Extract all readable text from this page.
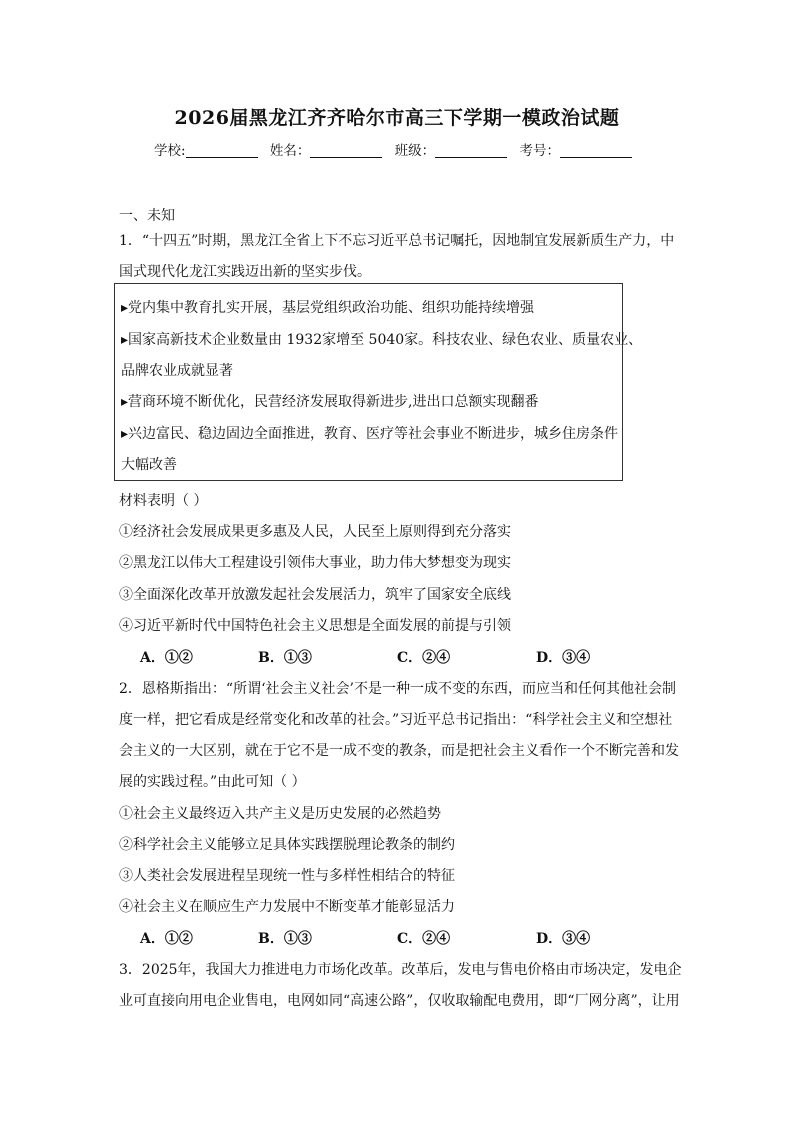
2026届黑龙江齐齐哈尔市高三下学期一模政治试题
学校:	姓名：	班级：	考号：
一、未知
1．“十四五”时期，黑龙江全省上下不忘习近平总书记嘱托，因地制宜发展新质生产力，中
国式现代化龙江实践迈出新的坚实步伐。
▸党内集中教育扎实开展，基层党组织政治功能、组织功能持续增强
▸国家高新技术企业数量由 1932家增至 5040家。科技农业、绿色农业、质量农业、
品牌农业成就显著
▸营商环境不断优化，民营经济发展取得新进步,进出口总额实现翻番
▸兴边富民、稳边固边全面推进，教育、医疗等社会事业不断进步，城乡住房条件
大幅改善
材料表明（ ）
①经济社会发展成果更多惠及人民，人民至上原则得到充分落实
②黑龙江以伟大工程建设引领伟大事业，助力伟大梦想变为现实
③全面深化改革开放激发起社会发展活力，筑牢了国家安全底线
④习近平新时代中国特色社会主义思想是全面发展的前提与引领
A．①②	B．①③	C．②④	D．③④
2．恩格斯指出：“所谓‘社会主义社会’不是一种一成不变的东西，而应当和任何其他社会制
度一样，把它看成是经常变化和改革的社会。”习近平总书记指出：“科学社会主义和空想社
会主义的一大区别，就在于它不是一成不变的教条，而是把社会主义看作一个不断完善和发
展的实践过程。”由此可知（ ）
①社会主义最终迈入共产主义是历史发展的必然趋势
②科学社会主义能够立足具体实践摆脱理论教条的制约
③人类社会发展进程呈现统一性与多样性相结合的特征
④社会主义在顺应生产力发展中不断变革才能彰显活力
A．①②	B．①③	C．②④	D．③④
3．2025年，我国大力推进电力市场化改革。改革后，发电与售电价格由市场决定，发电企
业可直接向用电企业售电，电网如同“高速公路”，仅收取输配电费用，即“厂网分离”，让用
